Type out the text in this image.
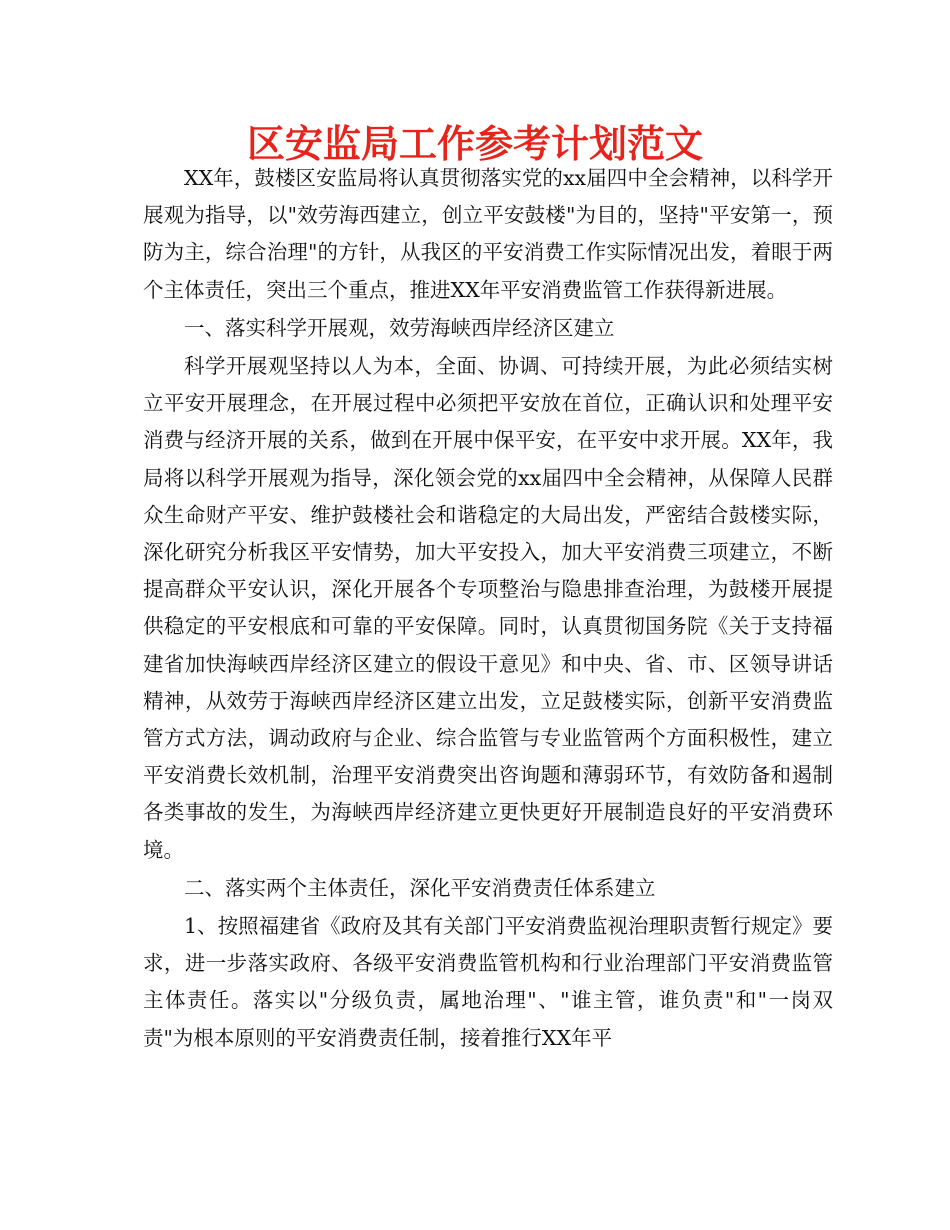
区安监局工作参考计划范文

XX年，鼓楼区安监局将认真贯彻落实党的xx届四中全会精神，以科学开展观为指导，以"效劳海西建立，创立平安鼓楼"为目的，坚持"平安第一，预防为主，综合治理"的方针，从我区的平安消费工作实际情况出发，着眼于两个主体责任，突出三个重点，推进XX年平安消费监管工作获得新进展。

一、落实科学开展观，效劳海峡西岸经济区建立

科学开展观坚持以人为本，全面、协调、可持续开展，为此必须结实树立平安开展理念，在开展过程中必须把平安放在首位，正确认识和处理平安消费与经济开展的关系，做到在开展中保平安，在平安中求开展。XX年，我局将以科学开展观为指导，深化领会党的xx届四中全会精神，从保障人民群众生命财产平安、维护鼓楼社会和谐稳定的大局出发，严密结合鼓楼实际，深化研究分析我区平安情势，加大平安投入，加大平安消费三项建立，不断提高群众平安认识，深化开展各个专项整治与隐患排查治理，为鼓楼开展提供稳定的平安根底和可靠的平安保障。同时，认真贯彻国务院《关于支持福建省加快海峡西岸经济区建立的假设干意见》和中央、省、市、区领导讲话精神，从效劳于海峡西岸经济区建立出发，立足鼓楼实际，创新平安消费监管方式方法，调动政府与企业、综合监管与专业监管两个方面积极性，建立平安消费长效机制，治理平安消费突出咨询题和薄弱环节，有效防备和遏制各类事故的发生，为海峡西岸经济建立更快更好开展制造良好的平安消费环境。

二、落实两个主体责任，深化平安消费责任体系建立

1、按照福建省《政府及其有关部门平安消费监视治理职责暂行规定》要求，进一步落实政府、各级平安消费监管机构和行业治理部门平安消费监管主体责任。落实以"分级负责，属地治理"、"谁主管，谁负责"和"一岗双责"为根本原则的平安消费责任制，接着推行XX年平
